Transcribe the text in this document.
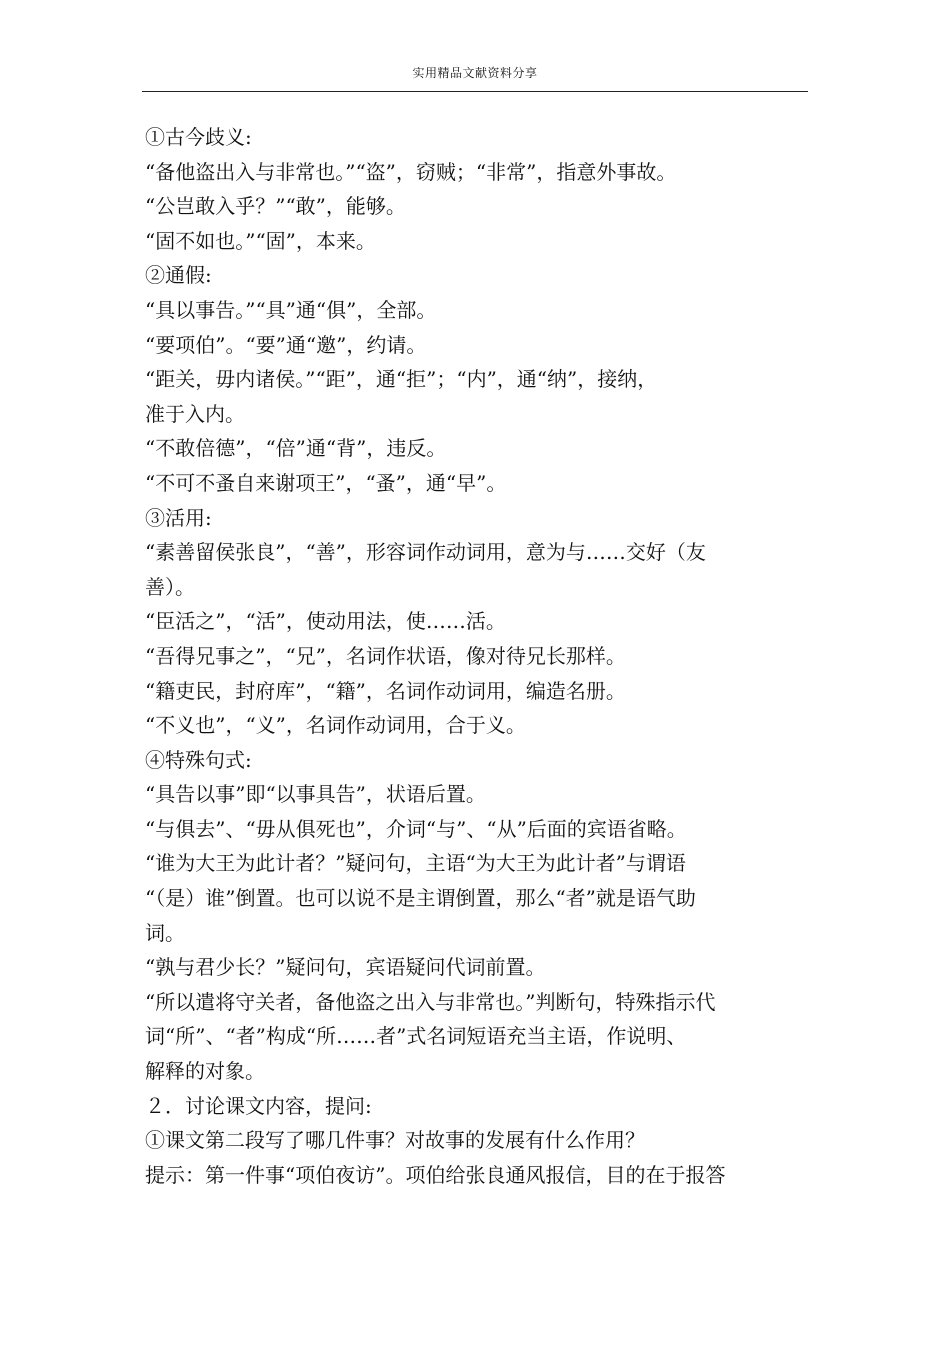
实用精品文献资料分享
①古今歧义:
“备他盗出入与非常也。”“盗”，窃贼；“非常”，指意外事故。
“公岂敢入乎？”“敢”，能够。
“固不如也。”“固”，本来。
②通假:
“具以事告。”“具”通“俱”，全部。
“要项伯”。“要”通“邀”，约请。
“距关，毋内诸侯。”“距”，通“拒”；“内”，通“纳”，接纳，
准于入内。
“不敢倍德”，“倍”通“背”，违反。
“不可不蚤自来谢项王”，“蚤”，通“早”。
③活用:
“素善留侯张良”，“善”，形容词作动词用，意为与……交好（友
善）。
“臣活之”，“活”，使动用法，使……活。
“吾得兄事之”，“兄”，名词作状语，像对待兄长那样。
“籍吏民，封府库”，“籍”，名词作动词用，编造名册。
“不义也”，“义”，名词作动词用，合于义。
④特殊句式:
“具告以事”即“以事具告”，状语后置。
“与俱去”、“毋从俱死也”，介词“与”、“从”后面的宾语省略。
“谁为大王为此计者？”疑问句，主语“为大王为此计者”与谓语
“（是）谁”倒置。也可以说不是主谓倒置，那么“者”就是语气助
词。
“孰与君少长？”疑问句，宾语疑问代词前置。
“所以遣将守关者，备他盗之出入与非常也。”判断句，特殊指示代
词“所”、“者”构成“所……者”式名词短语充当主语，作说明、
解释的对象。
２．讨论课文内容，提问:
①课文第二段写了哪几件事？对故事的发展有什么作用？
提示：第一件事“项伯夜访”。项伯给张良通风报信，目的在于报答
